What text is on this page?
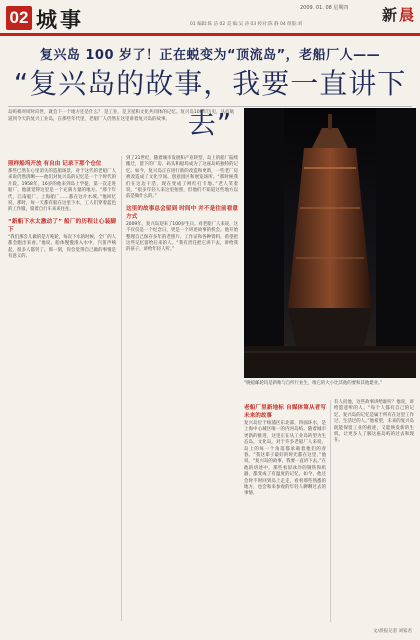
02 城事
2009. 01. 08 星期四
01 编辑:陈 洁 02 美 编:吴 涛 03 校对:陈 静 04 组版:刘
新 晨
复兴岛 100 岁了！正在蜕变为“顶流岛”，老船厂人——
“复兴岛的故事，我要一直讲下去”
岛屿相对同时向世，就会下一个地方还是什么？ 是工业，是卫星和文化共同体的记忆。复兴岛100年历史，从宿航道到今天的复兴工业岛，在那些年代里，老船厂人仍然在这里讲着复兴岛的故事。
“晚船邮轮坞是新唯与自所行业生，唯它的大小比其他的要和其他建业。”
照样船坞开放 有自由 记录下那个仓位
那些已然在心里消失的造船场景，对于这代的老船厂人来说仍然清晰——他们对复兴岛的记忆是一个个时代的片段。1958年，16岁的他来到岛上学徒，第一次走进船厂，他就觉得这里是一个充满力量的地方。“那个年代，江南船厂、上海船厂……都在这片水域。”他回忆说，那时，每一天都有船在这里下水，工人们穿着蓝色的工作服，骑着自行车来来往往。
“新船下水太激动了” 船厂的历程让心装脚下
“我们那会儿做的是万吨轮，每次下水的时候，全厂的人都会跑出来看。”他说。船体慢慢滑入水中，汽笛声响起，很多人都哭了。那一刻，你会觉得自己做的事情是有意义的。
到了21世纪，随着城市发展和产业转型，岛上的船厂陆续搬迁，留下的厂房、码头和船坞成为了这座岛屿独特的记忆。如今，复兴岛正在进行新的改造和更新，一些老厂房被改造成了文化空间、创意园区和展览场所。“那时候我们在这边干活，现在变成了网红打卡地。”老人笑着说，“很多年轻人来这里拍照，但他们不知道这些地方以前是做什么的。”
这里的故事总会留到 时间中 并不是往前看意方式
2009年，复兴岛迎来了100岁生日。对老船厂人来说，这不仅仅是一个纪念日，更是一个讲述故事的机会。他开始整理自己保存多年的老照片、工作证和各种资料，希望把这些记忆留给后来的人。“我有责任把它讲下去，讲给我的孩子，讲给年轻人听。”
老船厂里新地标 自媒体第从者写未来的故事
复兴岛位于杨浦区东北部，四面环水，是上海中心城区唯一的内河岛屿。随着城市更新的推进，这里正在从工业岛转型为生态岛、文化岛。对于许多老船厂人来说，岛上的每一个角落都承载着他们的青春。“我这辈子最好的时光都在这里，”他说，“复兴岛的故事，我要一直讲下去。”在他的讲述中，那些看似冰冷的钢铁和机器，都变成了有温度的记忆。如今，他还会时不时回到岛上走走，看看那些熟悉的地方，也会和来参观的年轻人聊聊过去的事情。
有人问他，这些故事讲给谁听？他说，讲给愿意听的人。“每个人都有自己的记忆，复兴岛的记忆是属于所有在这里工作过、生活过的人。”他希望，未来的复兴岛既能保留工业的痕迹，又能焕发新的生机，让更多人了解这座岛屿的过去和现在。
文/晨报记者 刘家君
